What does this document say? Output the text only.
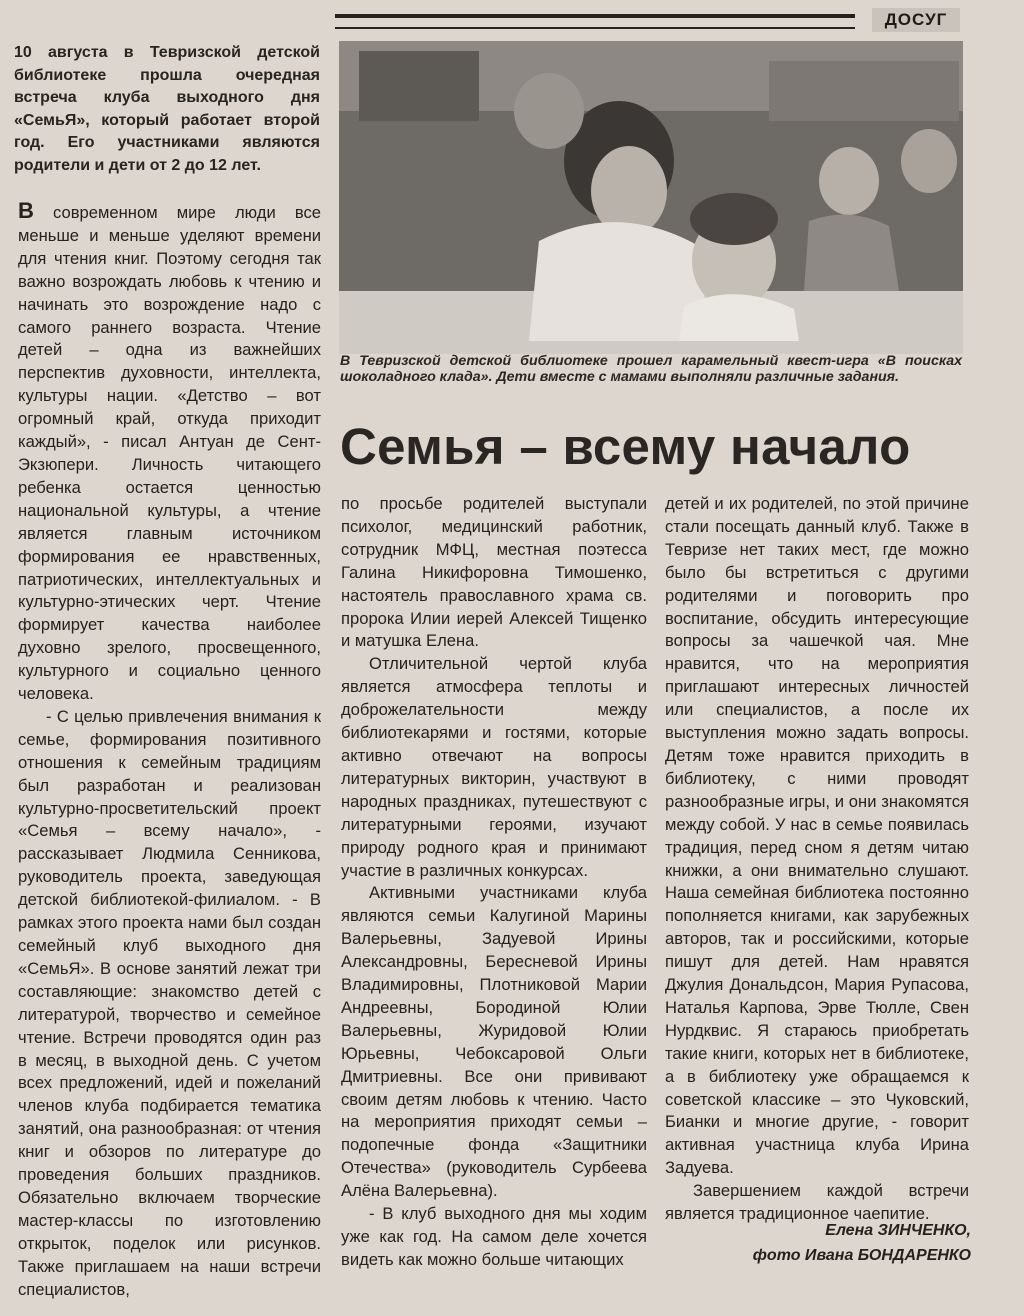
ДОСУГ
10 августа в Тевризской детской библиотеке прошла очередная встреча клуба выходного дня «СемьЯ», который работает второй год. Его участниками являются родители и дети от 2 до 12 лет.
В Тевризской детской библиотеке прошел карамельный квест-игра «В поисках шоколадного клада». Дети вместе с мамами выполняли различные задания.
Семья – всему начало

В современном мире люди все меньше и меньше уделяют времени для чтения книг. Поэтому сегодня так важно возрождать любовь к чтению и начинать это возрождение надо с самого раннего возраста. Чтение детей – одна из важнейших перспектив духовности, интеллекта, культуры нации. «Детство – вот огромный край, откуда приходит каждый», - писал Антуан де Сент-Экзюпери. Личность читающего ребенка остается ценностью национальной культуры, а чтение является главным источником формирования ее нравственных, патриотических, интеллектуальных и культурно-этических черт. Чтение формирует качества наиболее духовно зрелого, просвещенного, культурного и социально ценного человека.

- С целью привлечения внимания к семье, формирования позитивного отношения к семейным традициям был разработан и реализован культурно-просветительский проект «Семья – всему начало», - рассказывает Людмила Сенникова, руководитель проекта, заведующая детской библиотекой-филиалом. - В рамках этого проекта нами был создан семейный клуб выходного дня «СемьЯ». В основе занятий лежат три составляющие: знакомство детей с литературой, творчество и семейное чтение. Встречи проводятся один раз в месяц, в выходной день. С учетом всех предложений, идей и пожеланий членов клуба подбирается тематика занятий, она разнообразная: от чтения книг и обзоров по литературе до проведения больших праздников. Обязательно включаем творческие мастер-классы по изготовлению открыток, поделок или рисунков. Также приглашаем на наши встречи специалистов,

по просьбе родителей выступали психолог, медицинский работник, сотрудник МФЦ, местная поэтесса Галина Никифоровна Тимошенко, настоятель православного храма св. пророка Илии иерей Алексей Тищенко и матушка Елена.

Отличительной чертой клуба является атмосфера теплоты и доброжелательности между библиотекарями и гостями, которые активно отвечают на вопросы литературных викторин, участвуют в народных праздниках, путешествуют с литературными героями, изучают природу родного края и принимают участие в различных конкурсах.

Активными участниками клуба являются семьи Калугиной Марины Валерьевны, Задуевой Ирины Александровны, Бересневой Ирины Владимировны, Плотниковой Марии Андреевны, Бородиной Юлии Валерьевны, Журидовой Юлии Юрьевны, Чебоксаровой Ольги Дмитриевны. Все они прививают своим детям любовь к чтению. Часто на мероприятия приходят семьи – подопечные фонда «Защитники Отечества» (руководитель Сурбеева Алёна Валерьевна).

- В клуб выходного дня мы ходим уже как год. На самом деле хочется видеть как можно больше читающих

детей и их родителей, по этой причине стали посещать данный клуб. Также в Тевризе нет таких мест, где можно было бы встретиться с другими родителями и поговорить про воспитание, обсудить интересующие вопросы за чашечкой чая. Мне нравится, что на мероприятия приглашают интересных личностей или специалистов, а после их выступления можно задать вопросы. Детям тоже нравится приходить в библиотеку, с ними проводят разнообразные игры, и они знакомятся между собой. У нас в семье появилась традиция, перед сном я детям читаю книжки, а они внимательно слушают. Наша семейная библиотека постоянно пополняется книгами, как зарубежных авторов, так и российскими, которые пишут для детей. Нам нравятся Джулия Дональдсон, Мария Рупасова, Наталья Карпова, Эрве Тюлле, Свен Нурдквис. Я стараюсь приобретать такие книги, которых нет в библиотеке, а в библиотеку уже обращаемся к советской классике – это Чуковский, Бианки и многие другие, - говорит активная участница клуба Ирина Задуева.

Завершением каждой встречи является традиционное чаепитие.

Елена ЗИНЧЕНКО,
фото Ивана БОНДАРЕНКО
